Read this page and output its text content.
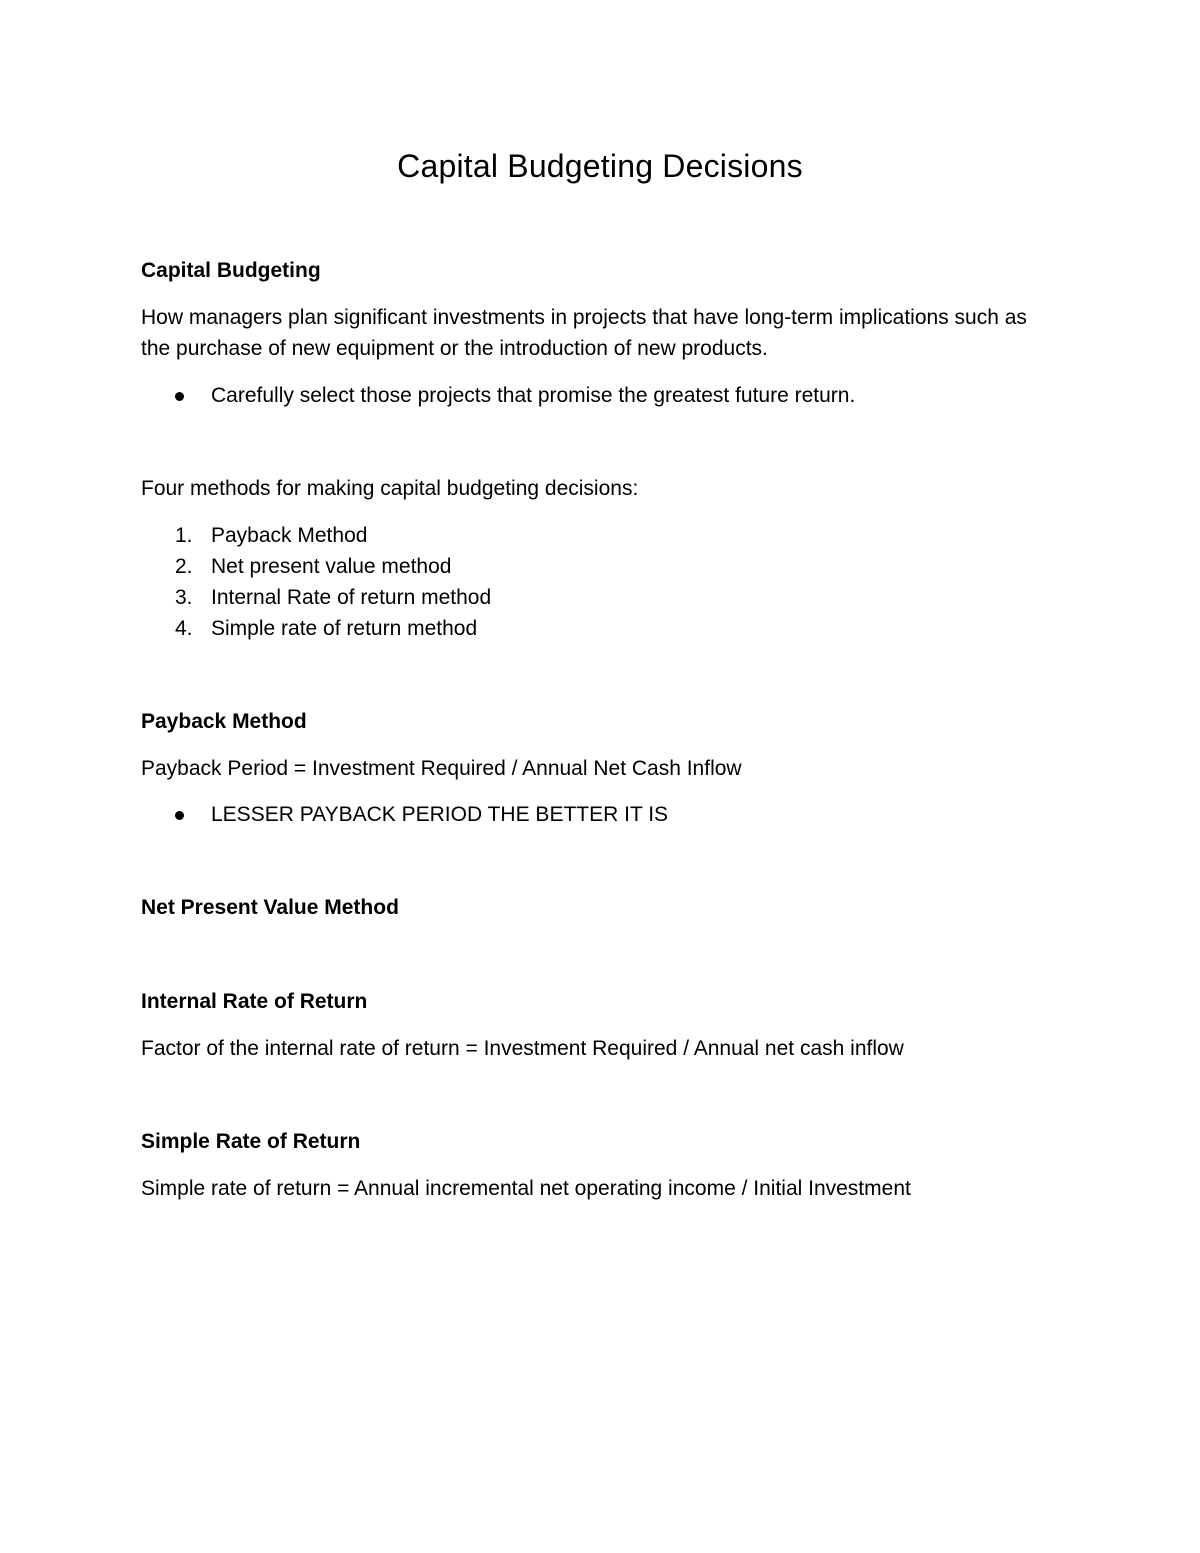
Capital Budgeting Decisions
Capital Budgeting
How managers plan significant investments in projects that have long-term implications such as
the purchase of new equipment or the introduction of new products.
Carefully select those projects that promise the greatest future return.
Four methods for making capital budgeting decisions:
1. Payback Method
2. Net present value method
3. Internal Rate of return method
4. Simple rate of return method
Payback Method
Payback Period = Investment Required / Annual Net Cash Inflow
LESSER PAYBACK PERIOD THE BETTER IT IS
Net Present Value Method
Internal Rate of Return
Factor of the internal rate of return = Investment Required / Annual net cash inflow
Simple Rate of Return
Simple rate of return = Annual incremental net operating income / Initial Investment
